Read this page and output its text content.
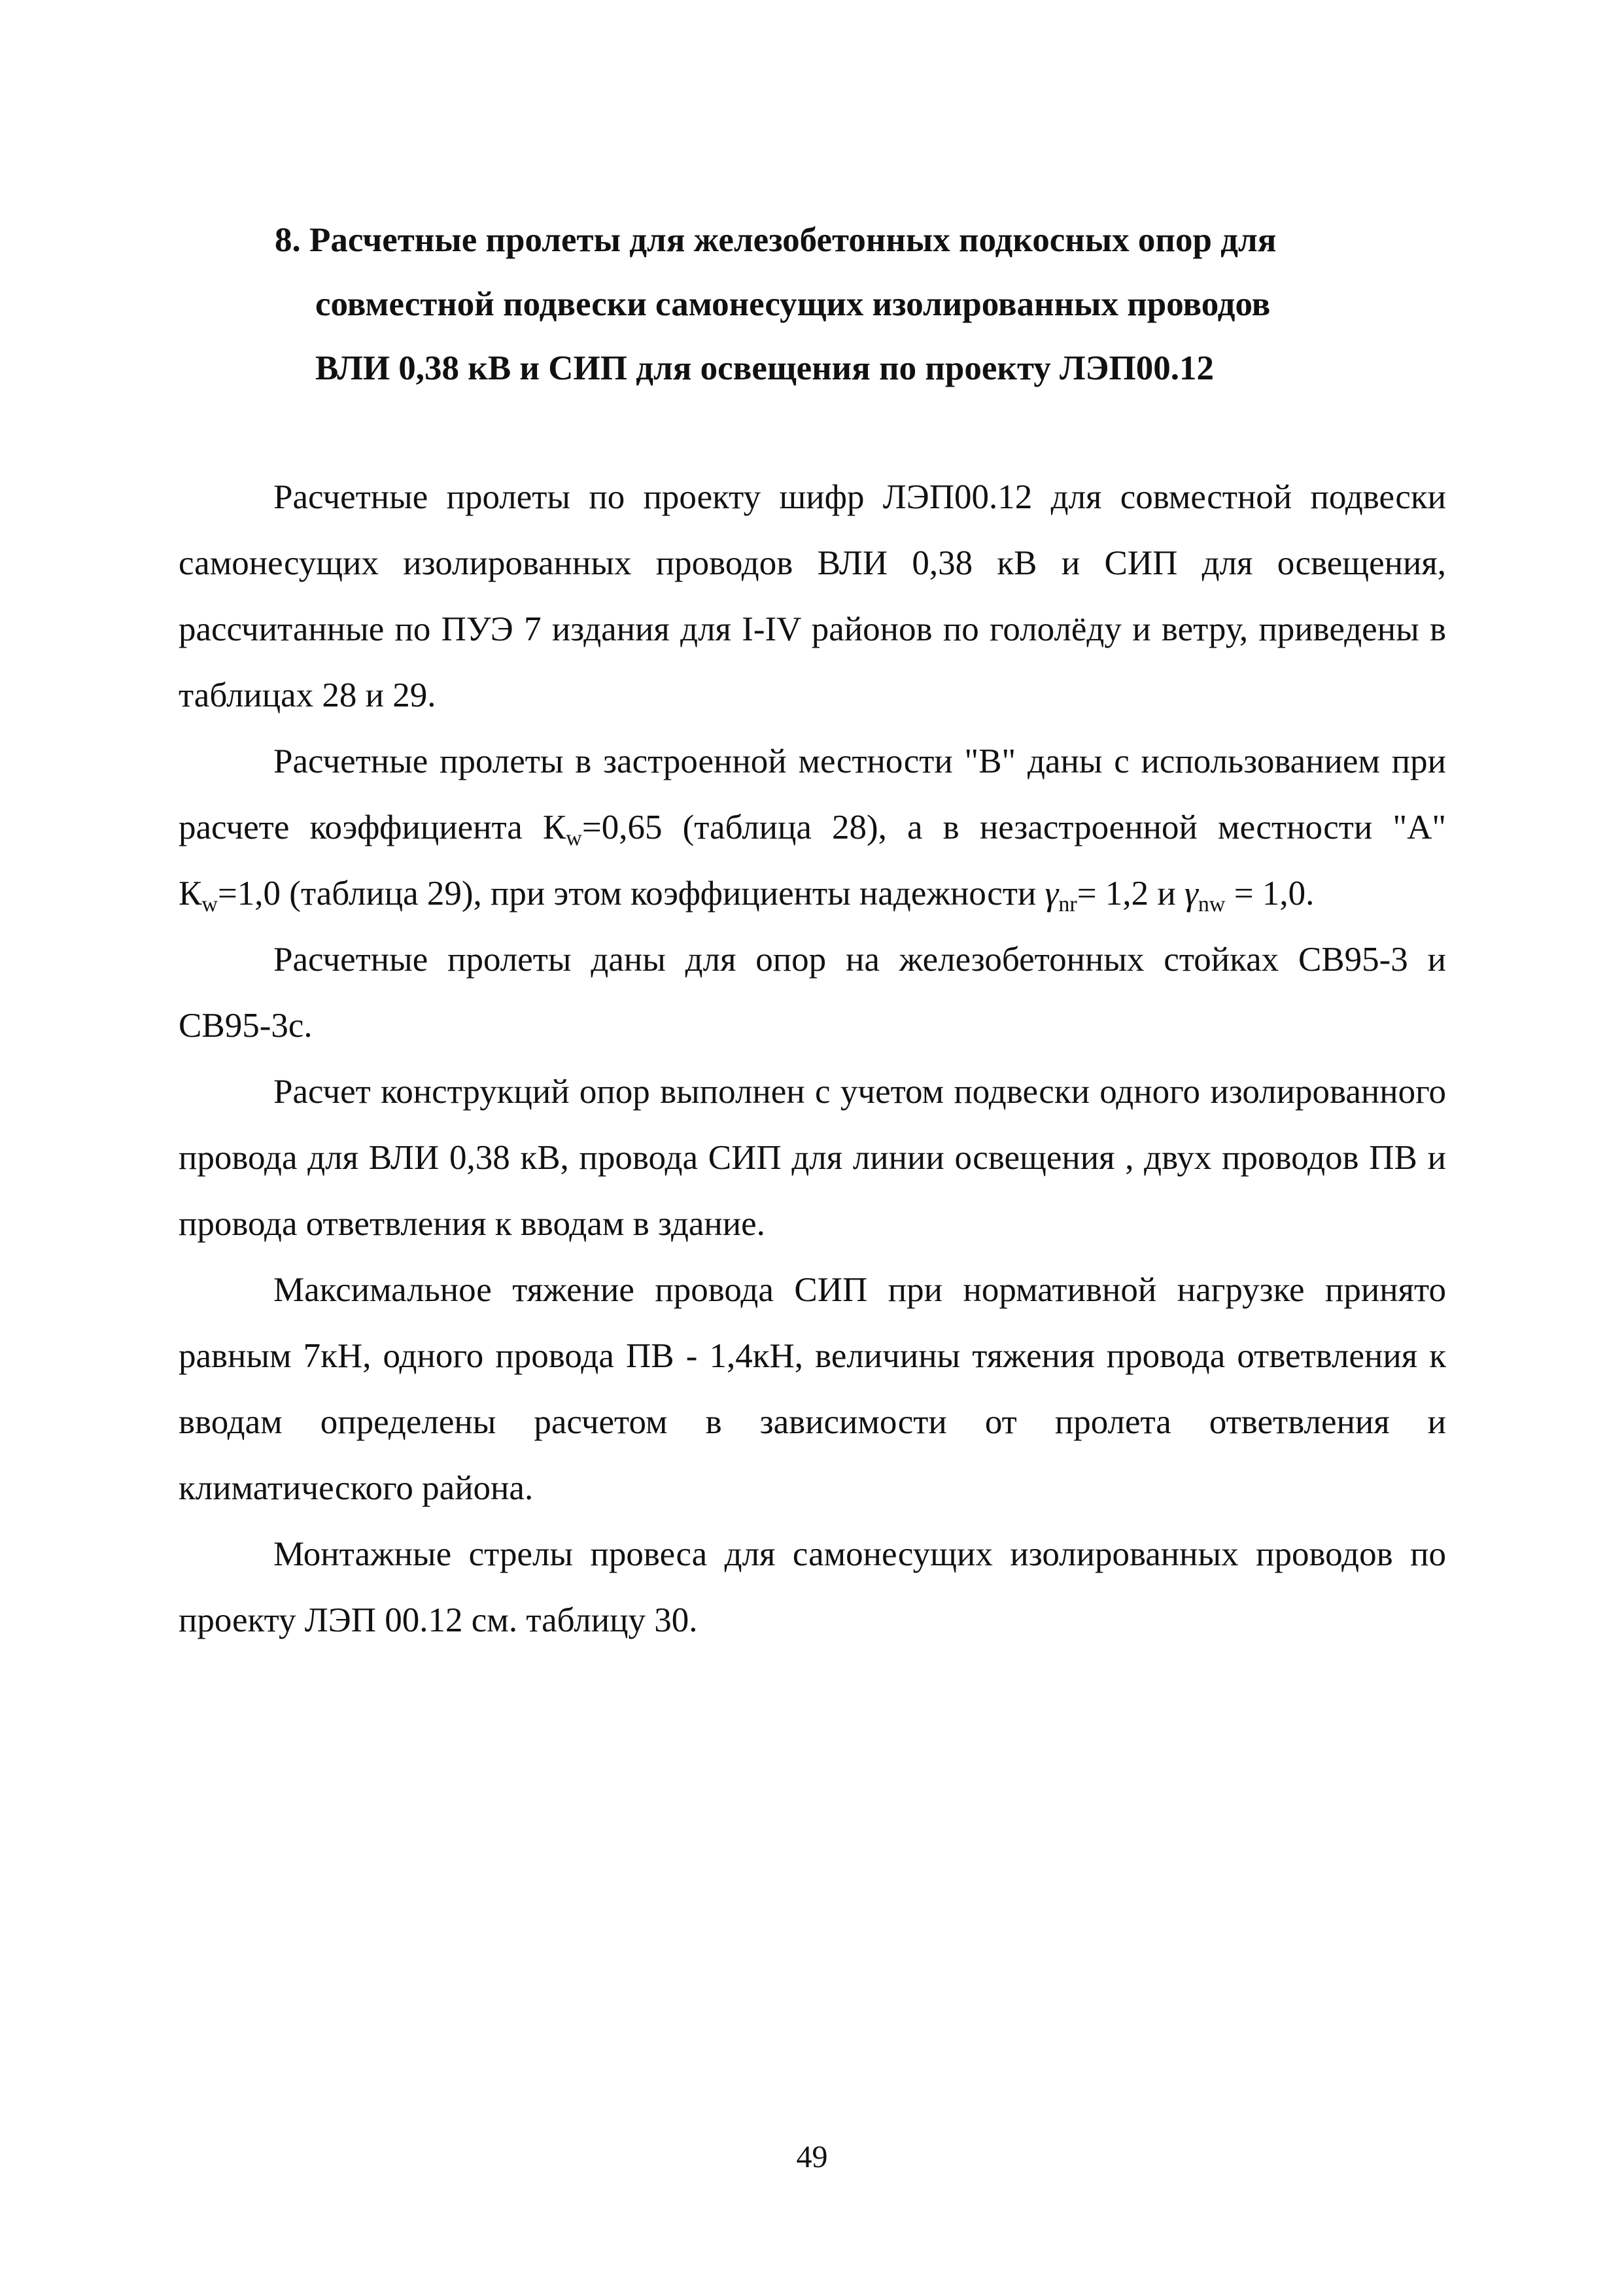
8. Расчетные пролеты для железобетонных подкосных опор для
совместной подвески самонесущих изолированных проводов
ВЛИ 0,38 кВ и СИП для освещения по проекту ЛЭП00.12

Расчетные пролеты по проекту шифр ЛЭП00.12 для совместной подвески самонесущих изолированных проводов ВЛИ 0,38 кВ и СИП для освещения, рассчитанные по ПУЭ 7 издания для I-IV районов по гололёду и ветру, приведены в таблицах 28 и 29.

Расчетные пролеты в застроенной местности "В" даны с использованием при расчете коэффициента $К_w=0,65$ (таблица 28), а в незастроенной местности "А" $К_w=1,0$ (таблица 29), при этом коэффициенты надежности $\gamma_{nr}= 1,2$ и $\gamma_{nw} = 1,0$.

Расчетные пролеты даны для опор на железобетонных стойках СВ95-3 и СВ95-3с.

Расчет конструкций опор выполнен с учетом подвески одного изолированного провода для ВЛИ 0,38 кВ, провода СИП для линии освещения , двух проводов ПВ и провода ответвления к вводам в здание.

Максимальное тяжение провода СИП при нормативной нагрузке принято равным 7кН, одного провода ПВ - 1,4кН, величины тяжения провода ответвления к вводам определены расчетом в зависимости от пролета ответвления и климатического района.

Монтажные стрелы провеса для самонесущих изолированных проводов по проекту ЛЭП 00.12 см. таблицу 30.

49
